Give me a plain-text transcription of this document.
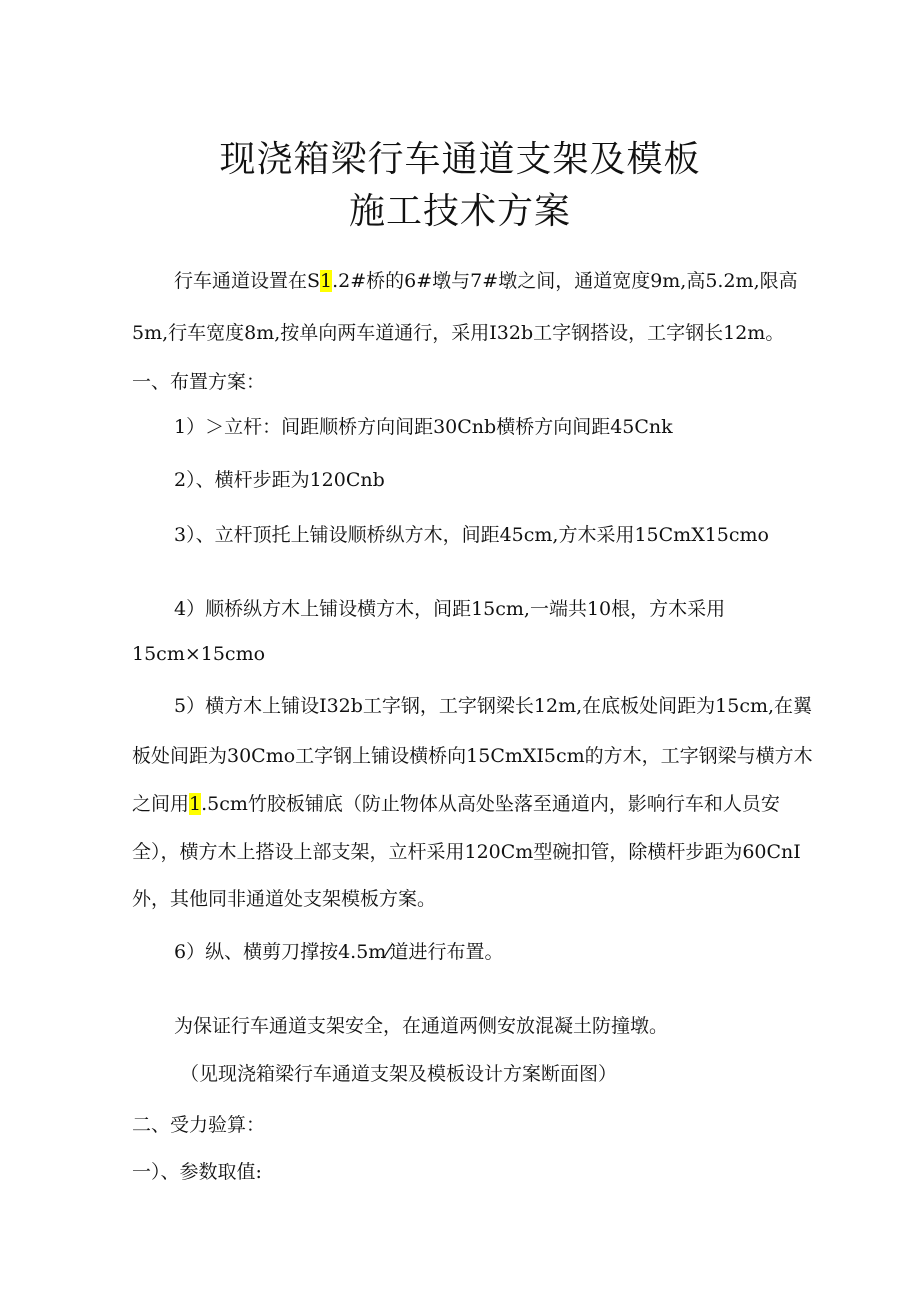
现浇箱梁行车通道支架及模板
施工技术方案
行车通道设置在S1.2#桥的6#墩与7#墩之间，通道宽度9m,高5.2m,限高
5m,行车宽度8m,按单向两车道通行，采用I32b工字钢搭设，工字钢长12m。
一、布置方案：
1）＞立杆：间距顺桥方向间距30Cnb横桥方向间距45Cnk
2）、横杆步距为120Cnb
3）、立杆顶托上铺设顺桥纵方木，间距45cm,方木采用15CmX15cmo
4）顺桥纵方木上铺设横方木，间距15cm,一端共10根，方木采用
15cm×15cmo
5）横方木上铺设I32b工字钢，工字钢梁长12m,在底板处间距为15cm,在翼
板处间距为30Cmo工字钢上铺设横桥向15CmXI5cm的方木，工字钢梁与横方木
之间用1.5cm竹胶板铺底（防止物体从高处坠落至通道内，影响行车和人员安
全），横方木上搭设上部支架，立杆采用120Cm型碗扣管，除横杆步距为60CnI
外，其他同非通道处支架模板方案。
6）纵、横剪刀撑按4.5m⁄道进行布置。
为保证行车通道支架安全，在通道两侧安放混凝土防撞墩。
（见现浇箱梁行车通道支架及模板设计方案断面图）
二、受力验算：
一）、参数取值:
